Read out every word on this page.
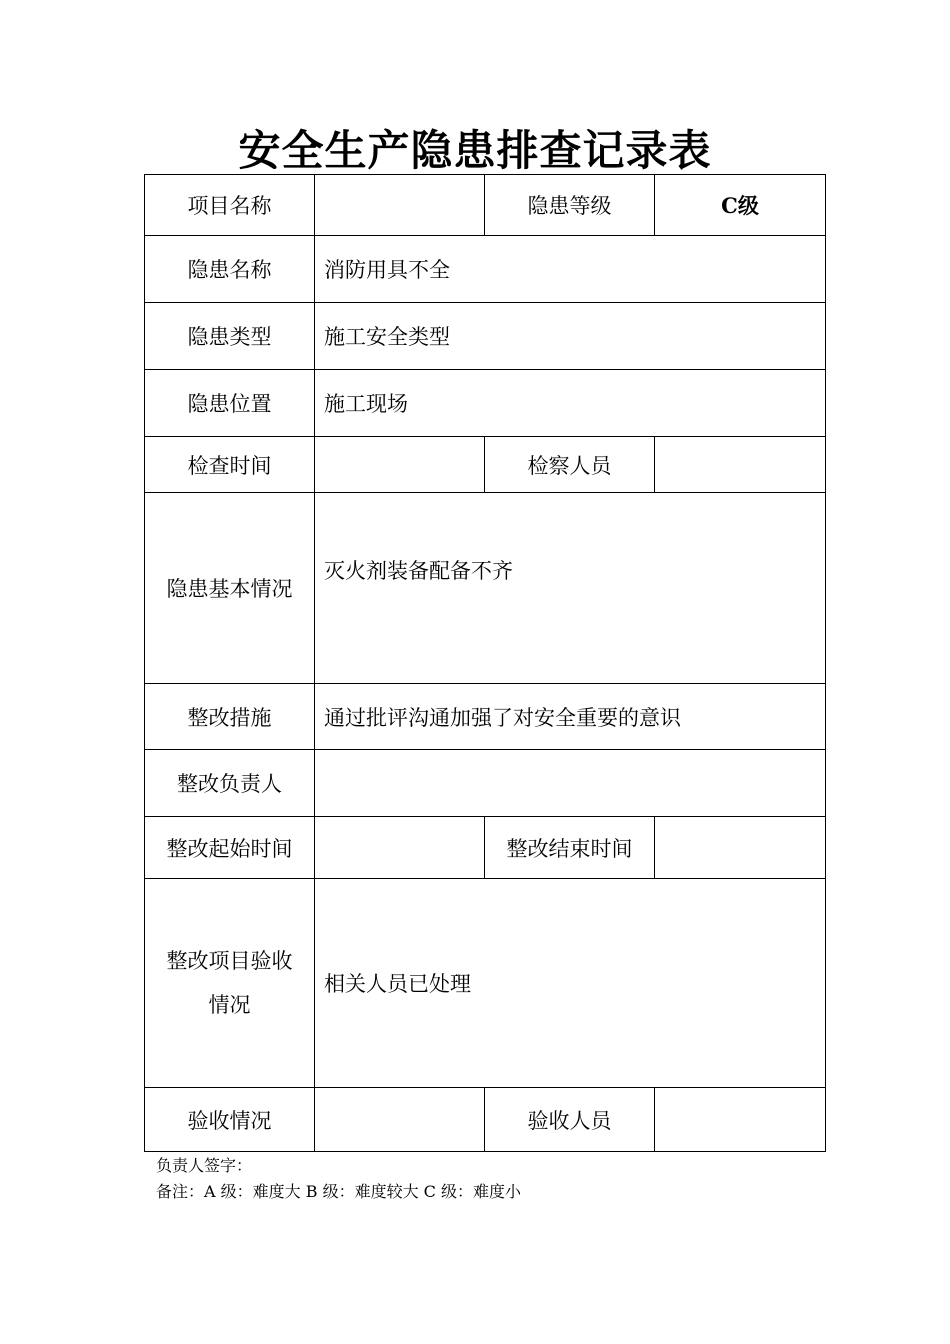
安全生产隐患排查记录表
项目名称		隐患等级	C级
隐患名称	消防用具不全		
隐患类型	施工安全类型		
隐患位置	施工现场		
检查时间		检察人员	
隐患基本情况	灭火剂装备配备不齐		
整改措施	通过批评沟通加强了对安全重要的意识		
整改负责人			
整改起始时间		整改结束时间	

整改项目验收
情况	相关人员已处理		
验收情况		验收人员	
负责人签字：
备注：A 级：难度大 B 级：难度较大 C 级：难度小
